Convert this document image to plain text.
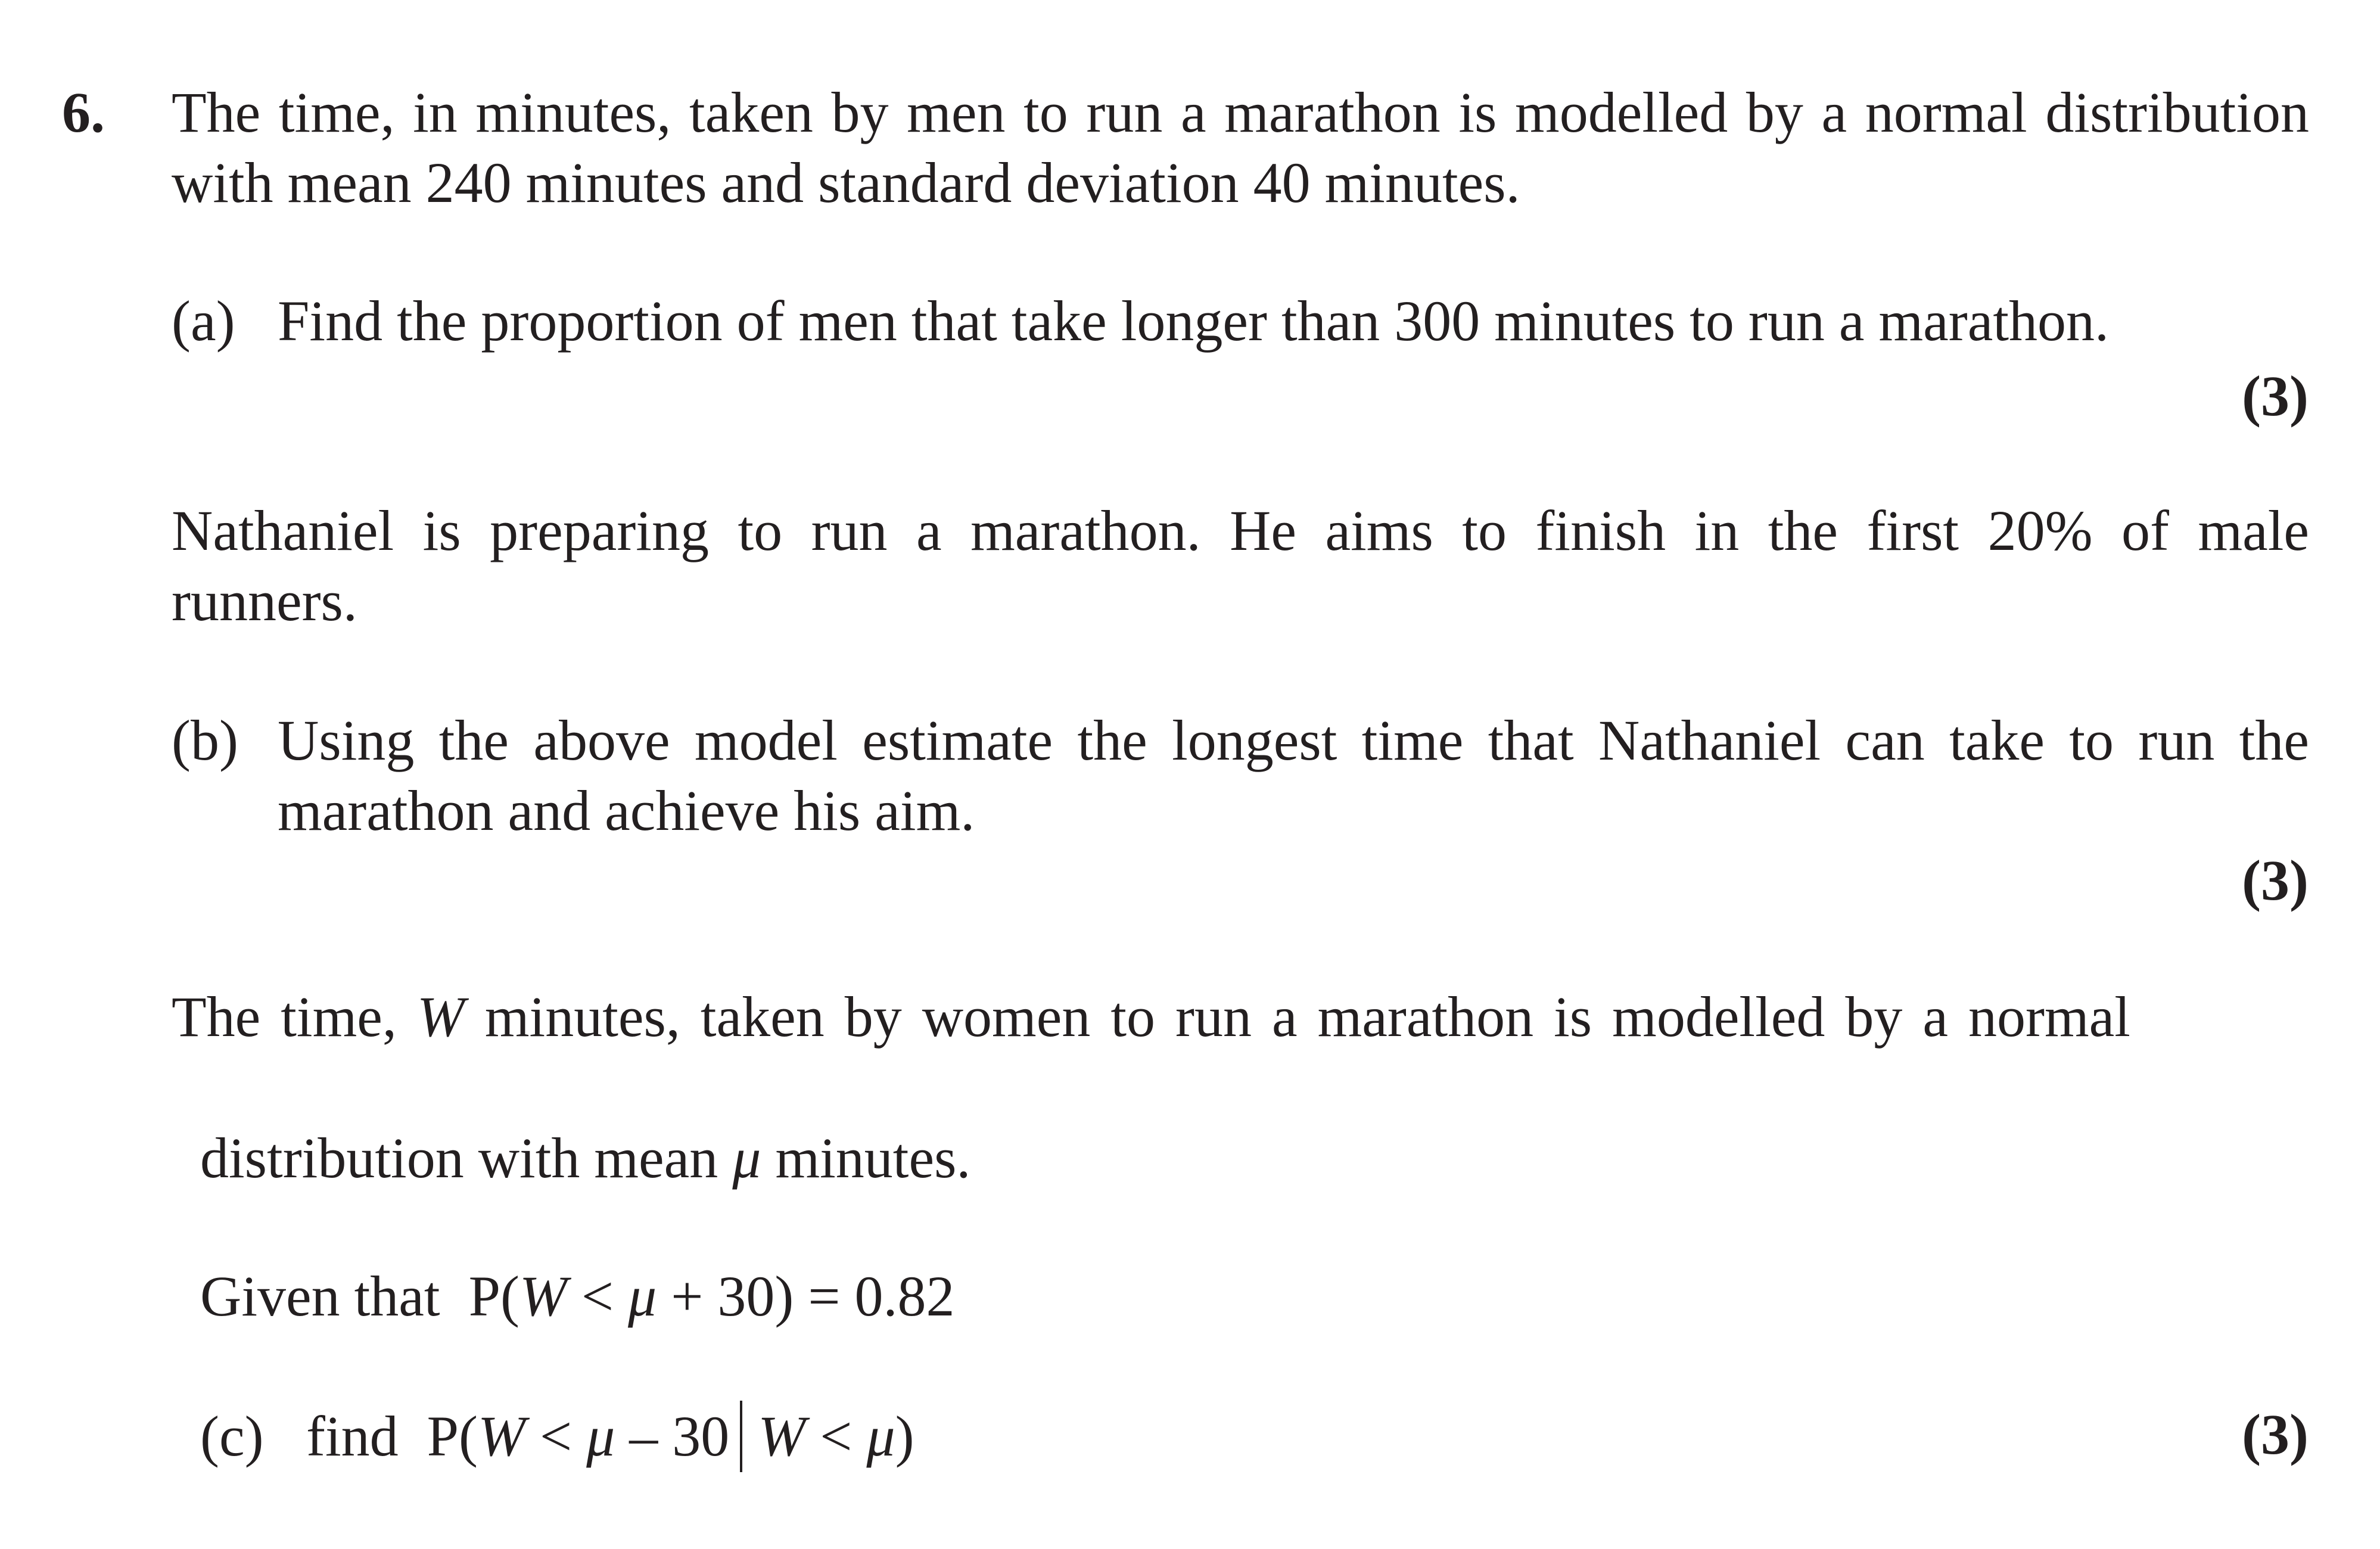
6. The time, in minutes, taken by men to run a marathon is modelled by a normal distribution
with mean 240 minutes and standard deviation 40 minutes.
(a) Find the proportion of men that take longer than 300 minutes to run a marathon.
(3)
Nathaniel is preparing to run a marathon. He aims to finish in the first 20% of male
runners.
(b) Using the above model estimate the longest time that Nathaniel can take to run the
marathon and achieve his aim.
(3)
The time, W minutes, taken by women to run a marathon is modelled by a normal

distribution with mean μ minutes.

Given that  P(W < μ + 30) = 0.82

(c) find  P(W < μ – 30 W < μ)	(3)
